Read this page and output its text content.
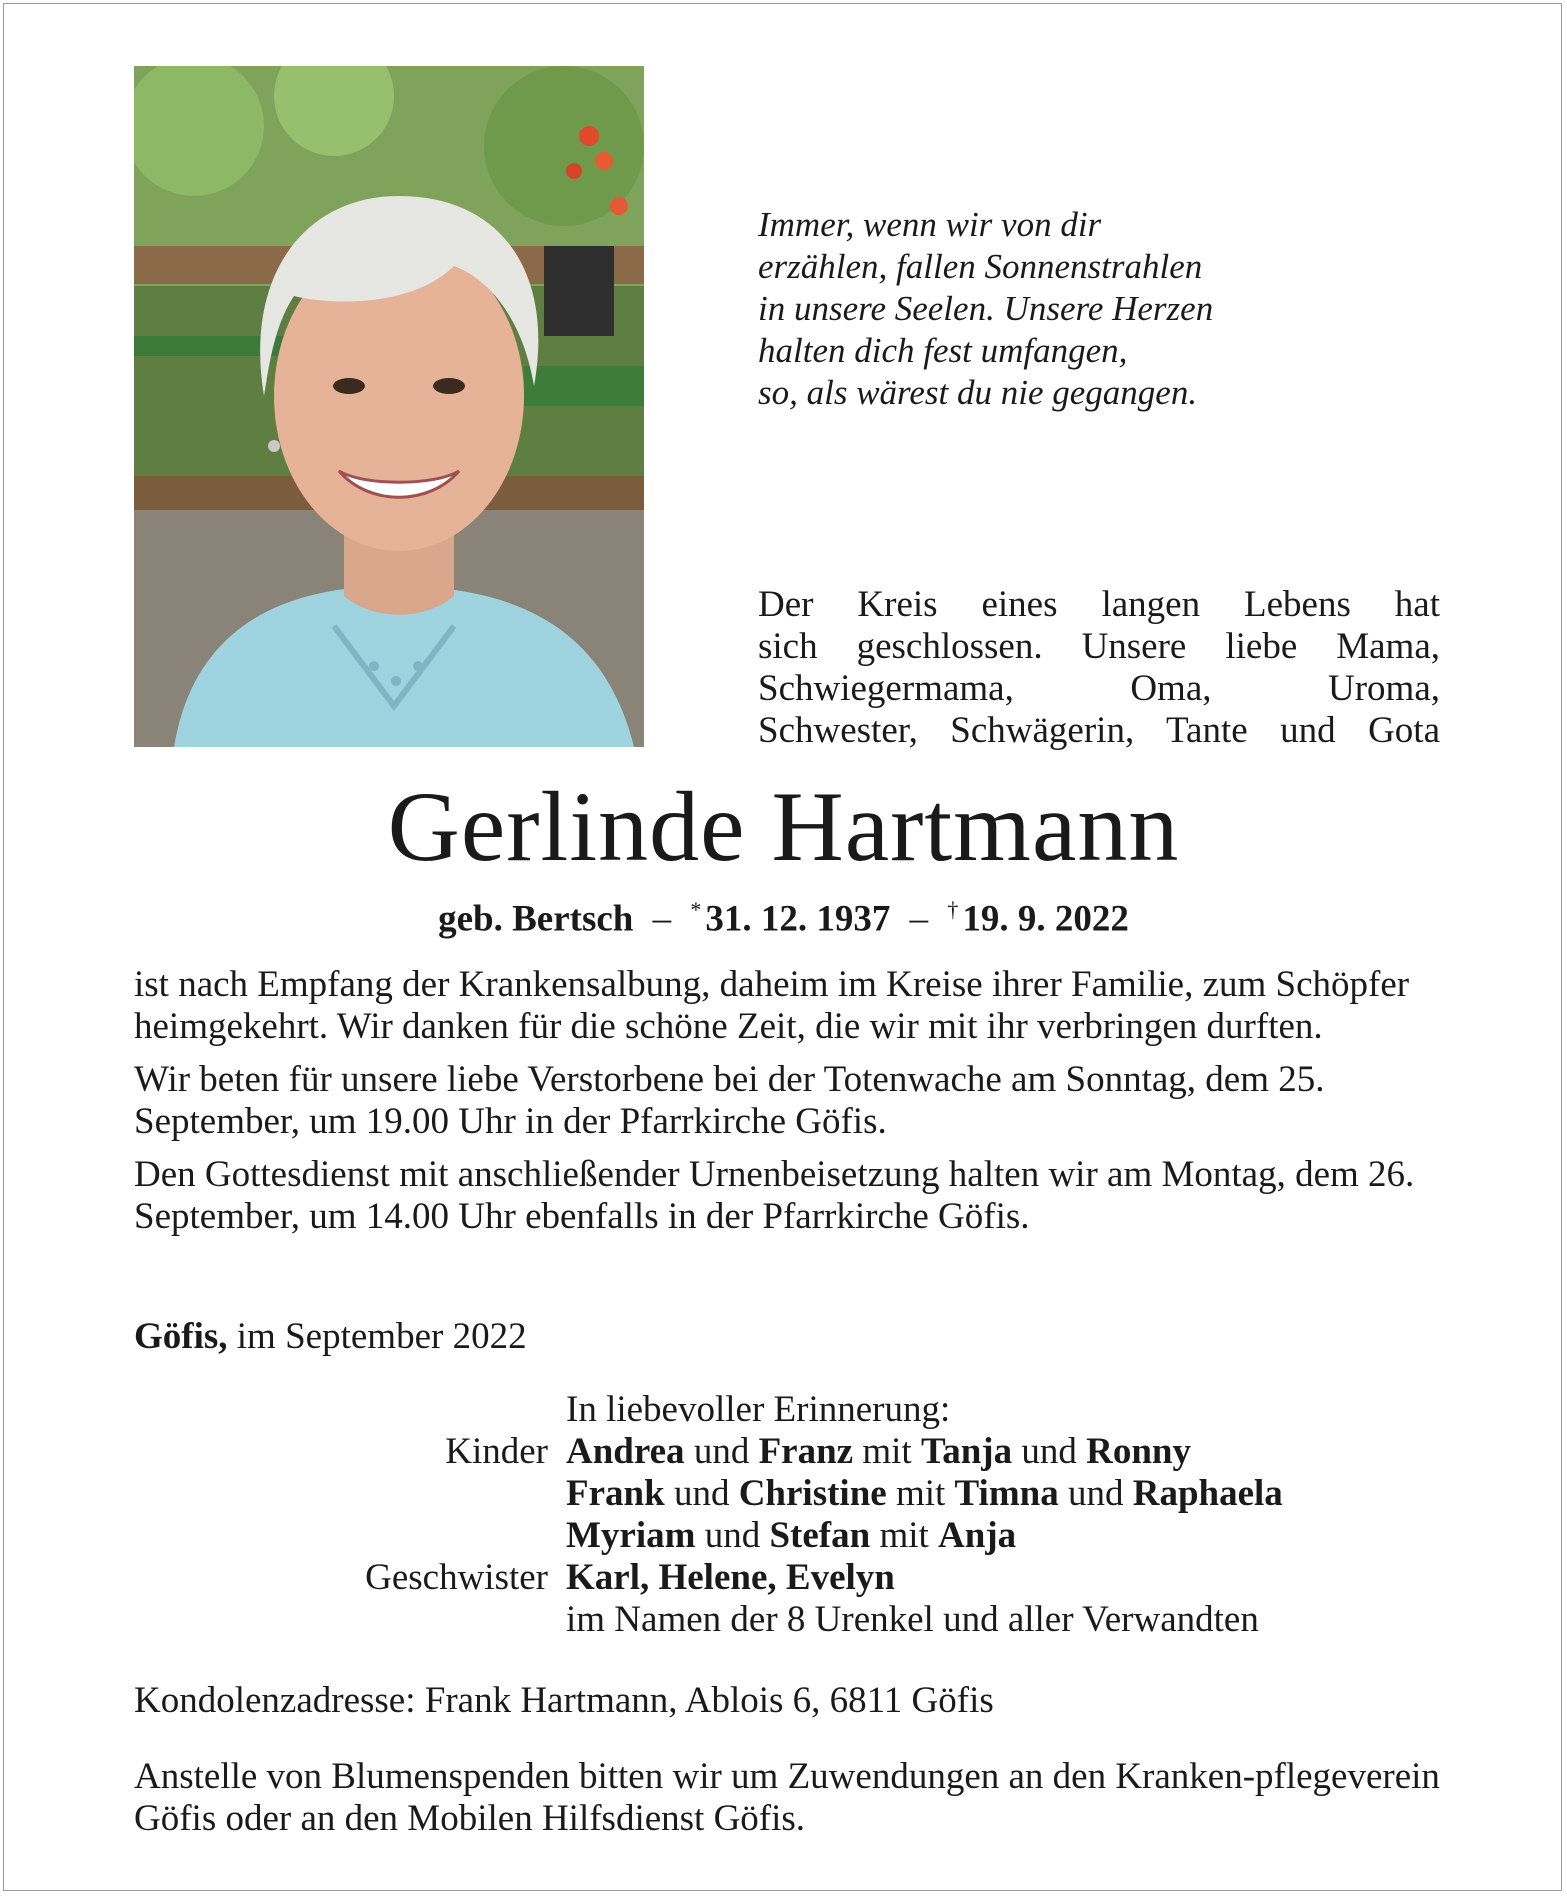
Immer, wenn wir von dir
erzählen, fallen Sonnenstrahlen
in unsere Seelen. Unsere Herzen
halten dich fest umfangen,
so, als wärest du nie gegangen.
Der Kreis eines langen Lebens hat
sich geschlossen. Unsere liebe Mama,
Schwiegermama, Oma, Uroma,
Schwester, Schwägerin, Tante und Gota
Gerlinde Hartmann
geb. Bertsch – * 31. 12. 1937 – † 19. 9. 2022

ist nach Empfang der Krankensalbung, daheim im Kreise ihrer Familie, zum Schöpfer heimgekehrt. Wir danken für die schöne Zeit, die wir mit ihr verbringen durften.

Wir beten für unsere liebe Verstorbene bei der Totenwache am Sonntag, dem 25. September, um 19.00 Uhr in der Pfarrkirche Göfis.

Den Gottesdienst mit anschließender Urnenbeisetzung halten wir am Montag, dem 26. September, um 14.00 Uhr ebenfalls in der Pfarrkirche Göfis.

Göfis, im September 2022
In liebevoller Erinnerung:
Kinder Andrea und Franz mit Tanja und Ronny
Frank und Christine mit Timna und Raphaela
Myriam und Stefan mit Anja
Geschwister Karl, Helene, Evelyn
im Namen der 8 Urenkel und aller Verwandten
Kondolenzadresse: Frank Hartmann, Ablois 6, 6811 Göfis
Anstelle von Blumenspenden bitten wir um Zuwendungen an den Kranken-pflegeverein Göfis oder an den Mobilen Hilfsdienst Göfis.
